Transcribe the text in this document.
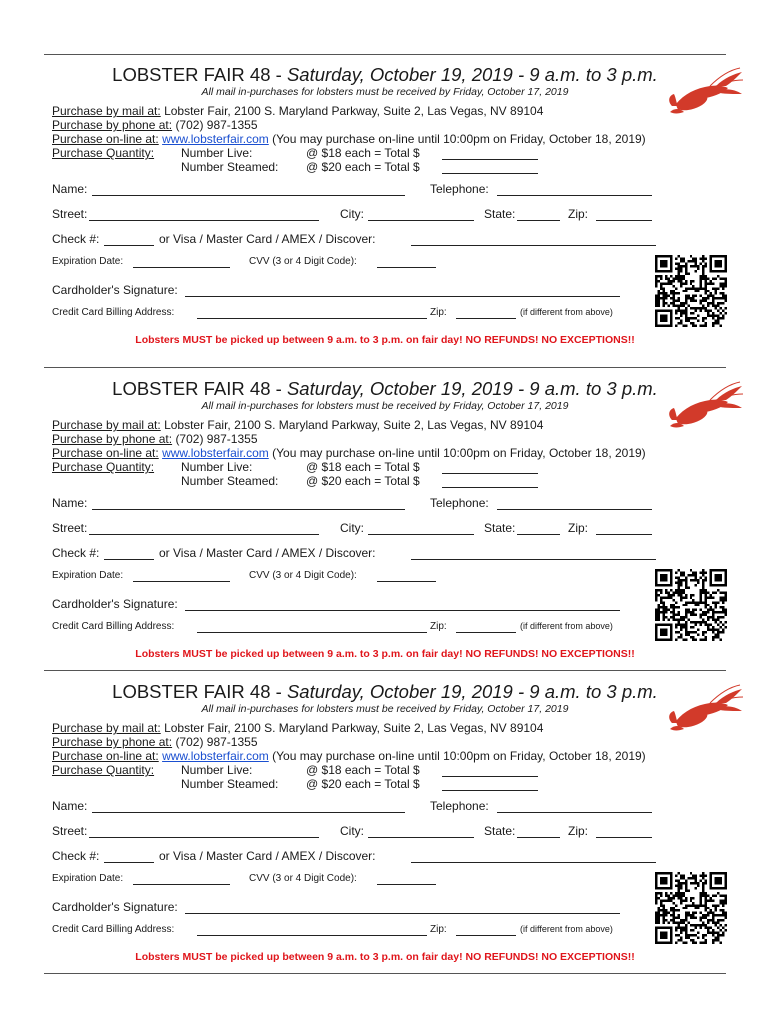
LOBSTER FAIR 48 - Saturday, October 19, 2019 - 9 a.m. to 3 p.m.
All mail in-purchases for lobsters must be received by Friday, October 17, 2019
Purchase by mail at: Lobster Fair, 2100 S. Maryland Parkway, Suite 2, Las Vegas, NV 89104
Purchase by phone at: (702) 987-1355
Purchase on-line at: www.lobsterfair.com (You may purchase on-line until 10:00pm on Friday, October 18, 2019)
Purchase Quantity: Number Live:	@ $18 each = Total $
Number Steamed: @ $20 each = Total $
Name:	Telephone:
Street:	City:	State:	Zip:
Check #:	or Visa / Master Card / AMEX / Discover:
Expiration Date:	CVV (3 or 4 Digit Code):
Cardholder's Signature:
Credit Card Billing Address:	Zip:	(if different from above)
Lobsters MUST be picked up between 9 a.m. to 3 p.m. on fair day! NO REFUNDS! NO EXCEPTIONS!!
LOBSTER FAIR 48 - Saturday, October 19, 2019 - 9 a.m. to 3 p.m.
All mail in-purchases for lobsters must be received by Friday, October 17, 2019
Purchase by mail at: Lobster Fair, 2100 S. Maryland Parkway, Suite 2, Las Vegas, NV 89104
Purchase by phone at: (702) 987-1355
Purchase on-line at: www.lobsterfair.com (You may purchase on-line until 10:00pm on Friday, October 18, 2019)
Purchase Quantity: Number Live:	@ $18 each = Total $
Number Steamed: @ $20 each = Total $
Name:	Telephone:
Street:	City:	State:	Zip:
Check #:	or Visa / Master Card / AMEX / Discover:
Expiration Date:	CVV (3 or 4 Digit Code):
Cardholder's Signature:
Credit Card Billing Address:	Zip:	(if different from above)
Lobsters MUST be picked up between 9 a.m. to 3 p.m. on fair day! NO REFUNDS! NO EXCEPTIONS!!
LOBSTER FAIR 48 - Saturday, October 19, 2019 - 9 a.m. to 3 p.m.
All mail in-purchases for lobsters must be received by Friday, October 17, 2019
Purchase by mail at: Lobster Fair, 2100 S. Maryland Parkway, Suite 2, Las Vegas, NV 89104
Purchase by phone at: (702) 987-1355
Purchase on-line at: www.lobsterfair.com (You may purchase on-line until 10:00pm on Friday, October 18, 2019)
Purchase Quantity: Number Live:	@ $18 each = Total $
Number Steamed: @ $20 each = Total $
Name:	Telephone:
Street:	City:	State:	Zip:
Check #:	or Visa / Master Card / AMEX / Discover:
Expiration Date:	CVV (3 or 4 Digit Code):
Cardholder's Signature:
Credit Card Billing Address:	Zip:	(if different from above)
Lobsters MUST be picked up between 9 a.m. to 3 p.m. on fair day! NO REFUNDS! NO EXCEPTIONS!!
